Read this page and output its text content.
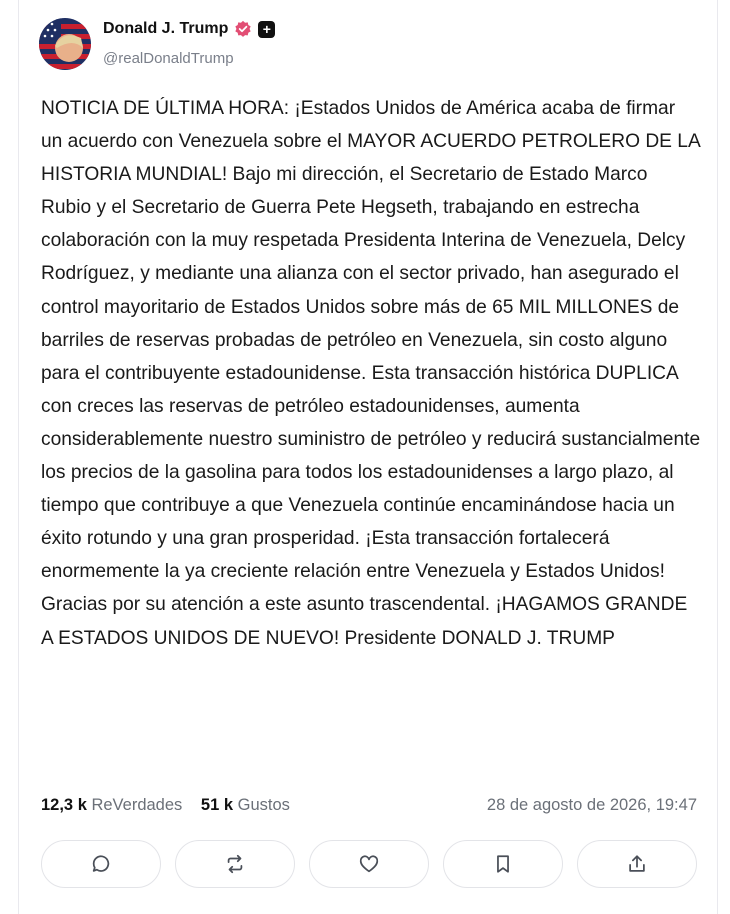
Donald J. Trump	+
@realDonaldTrump

NOTICIA DE ÚLTIMA HORA: ¡Estados Unidos de América acaba de firmar un acuerdo con Venezuela sobre el MAYOR ACUERDO PETROLERO DE LA HISTORIA MUNDIAL! Bajo mi dirección, el Secretario de Estado Marco Rubio y el Secretario de Guerra Pete Hegseth, trabajando en estrecha colaboración con la muy respetada Presidenta Interina de Venezuela, Delcy Rodríguez, y mediante una alianza con el sector privado, han asegurado el control mayoritario de Estados Unidos sobre más de 65 MIL MILLONES de barriles de reservas probadas de petróleo en Venezuela, sin costo alguno para el contribuyente estadounidense. Esta transacción histórica DUPLICA con creces las reservas de petróleo estadounidenses, aumenta considerablemente nuestro suministro de petróleo y reducirá sustancialmente los precios de la gasolina para todos los estadounidenses a largo plazo, al tiempo que contribuye a que Venezuela continúe encaminándose hacia un éxito rotundo y una gran prosperidad. ¡Esta transacción fortalecerá enormemente la ya creciente relación entre Venezuela y Estados Unidos! Gracias por su atención a este asunto trascendental. ¡HAGAMOS GRANDE A ESTADOS UNIDOS DE NUEVO! Presidente DONALD J. TRUMP

12,3 k ReVerdades 51 k Gustos	28 de agosto de 2026, 19:47
